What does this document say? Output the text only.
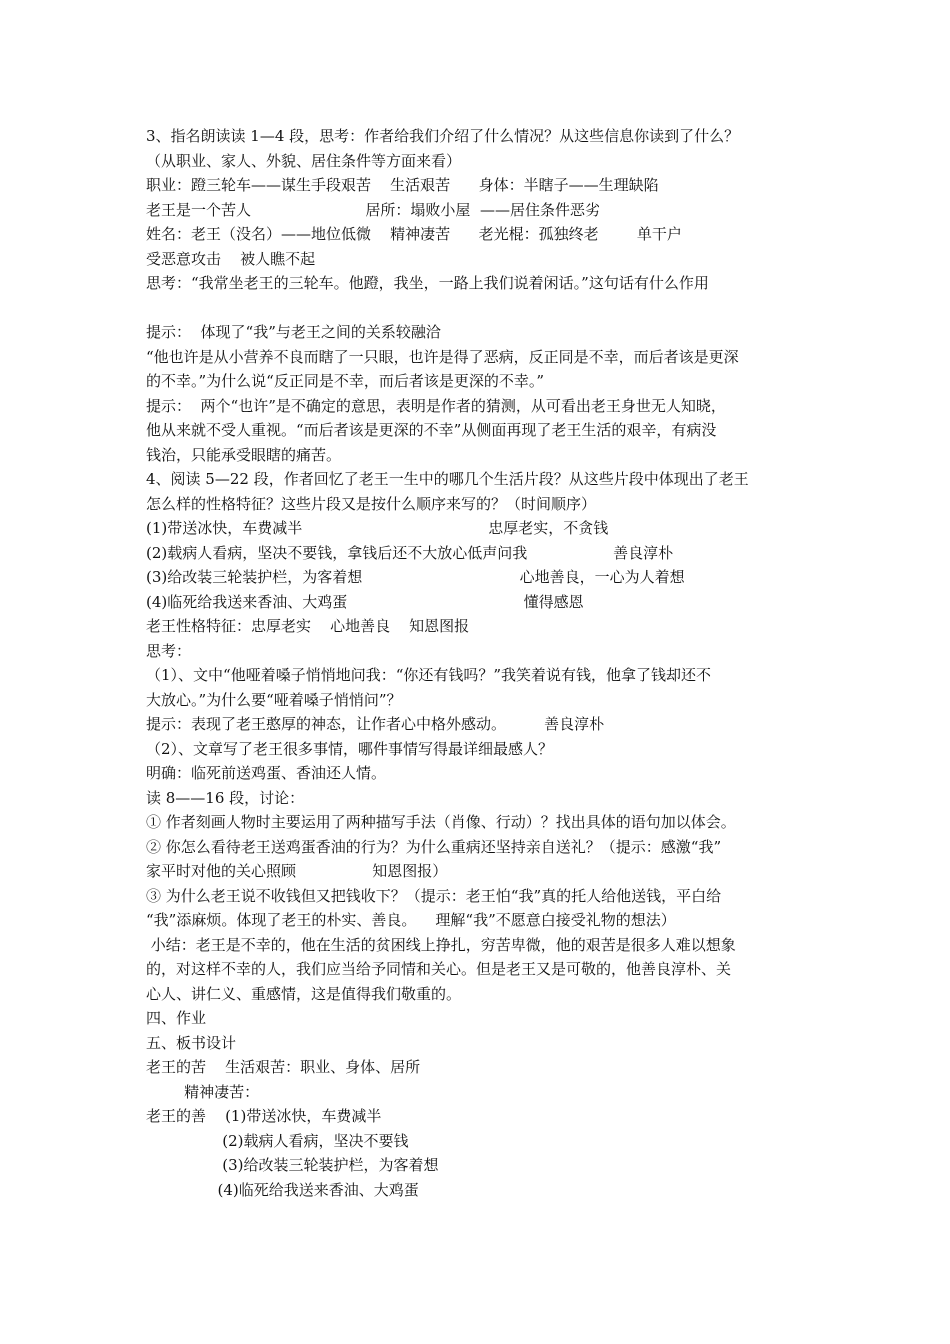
3、指名朗读读 1—4 段，思考：作者给我们介绍了什么情况？从这些信息你读到了什么？
（从职业、家人、外貌、居住条件等方面来看）
职业：蹬三轮车——谋生手段艰苦    生活艰苦      身体：半瞎子——生理缺陷
老王是一个苦人                        居所：塌败小屋  ——居住条件恶劣
姓名：老王（没名）——地位低微    精神凄苦      老光棍：孤独终老        单干户
受恶意攻击    被人瞧不起
思考：“我常坐老王的三轮车。他蹬，我坐，一路上我们说着闲话。”这句话有什么作用
提示：  体现了“我”与老王之间的关系较融洽
“他也许是从小营养不良而瞎了一只眼，也许是得了恶病，反正同是不幸，而后者该是更深
的不幸。”为什么说“反正同是不幸，而后者该是更深的不幸。”
提示：  两个“也许”是不确定的意思，表明是作者的猜测，从可看出老王身世无人知晓，
他从来就不受人重视。“而后者该是更深的不幸”从侧面再现了老王生活的艰辛，有病没
钱治，只能承受眼瞎的痛苦。
4、阅读 5—22 段，作者回忆了老王一生中的哪几个生活片段？从这些片段中体现出了老王
怎么样的性格特征？这些片段又是按什么顺序来写的？（时间顺序）
(1)带送冰快，车费减半                                       忠厚老实，不贪钱
(2)载病人看病，坚决不要钱，拿钱后还不大放心低声问我                  善良淳朴
(3)给改装三轮装护栏，为客着想                                 心地善良，一心为人着想
(4)临死给我送来香油、大鸡蛋                                     懂得感恩
老王性格特征：忠厚老实    心地善良    知恩图报
思考：
（1）、文中“他哑着嗓子悄悄地问我：“你还有钱吗？”我笑着说有钱，他拿了钱却还不
大放心。”为什么要“哑着嗓子悄悄问”？
提示：表现了老王憨厚的神态，让作者心中格外感动。        善良淳朴
（2）、文章写了老王很多事情，哪件事情写得最详细最感人？
明确：临死前送鸡蛋、香油还人情。
读 8——16 段，讨论：
① 作者刻画人物时主要运用了两种描写手法（肖像、行动）？找出具体的语句加以体会。
② 你怎么看待老王送鸡蛋香油的行为？为什么重病还坚持亲自送礼？（提示：感激“我”
家平时对他的关心照顾                知恩图报）
③ 为什么老王说不收钱但又把钱收下？（提示：老王怕“我”真的托人给他送钱，平白给
“我”添麻烦。体现了老王的朴实、善良。    理解“我”不愿意白接受礼物的想法）
小结：老王是不幸的，他在生活的贫困线上挣扎，穷苦卑微，他的艰苦是很多人难以想象
的，对这样不幸的人，我们应当给予同情和关心。但是老王又是可敬的，他善良淳朴、关
心人、讲仁义、重感情，这是值得我们敬重的。
四、作业
五、板书设计
老王的苦    生活艰苦：职业、身体、居所
精神凄苦：
老王的善    (1)带送冰快，车费减半
(2)载病人看病，坚决不要钱
(3)给改装三轮装护栏，为客着想
(4)临死给我送来香油、大鸡蛋
